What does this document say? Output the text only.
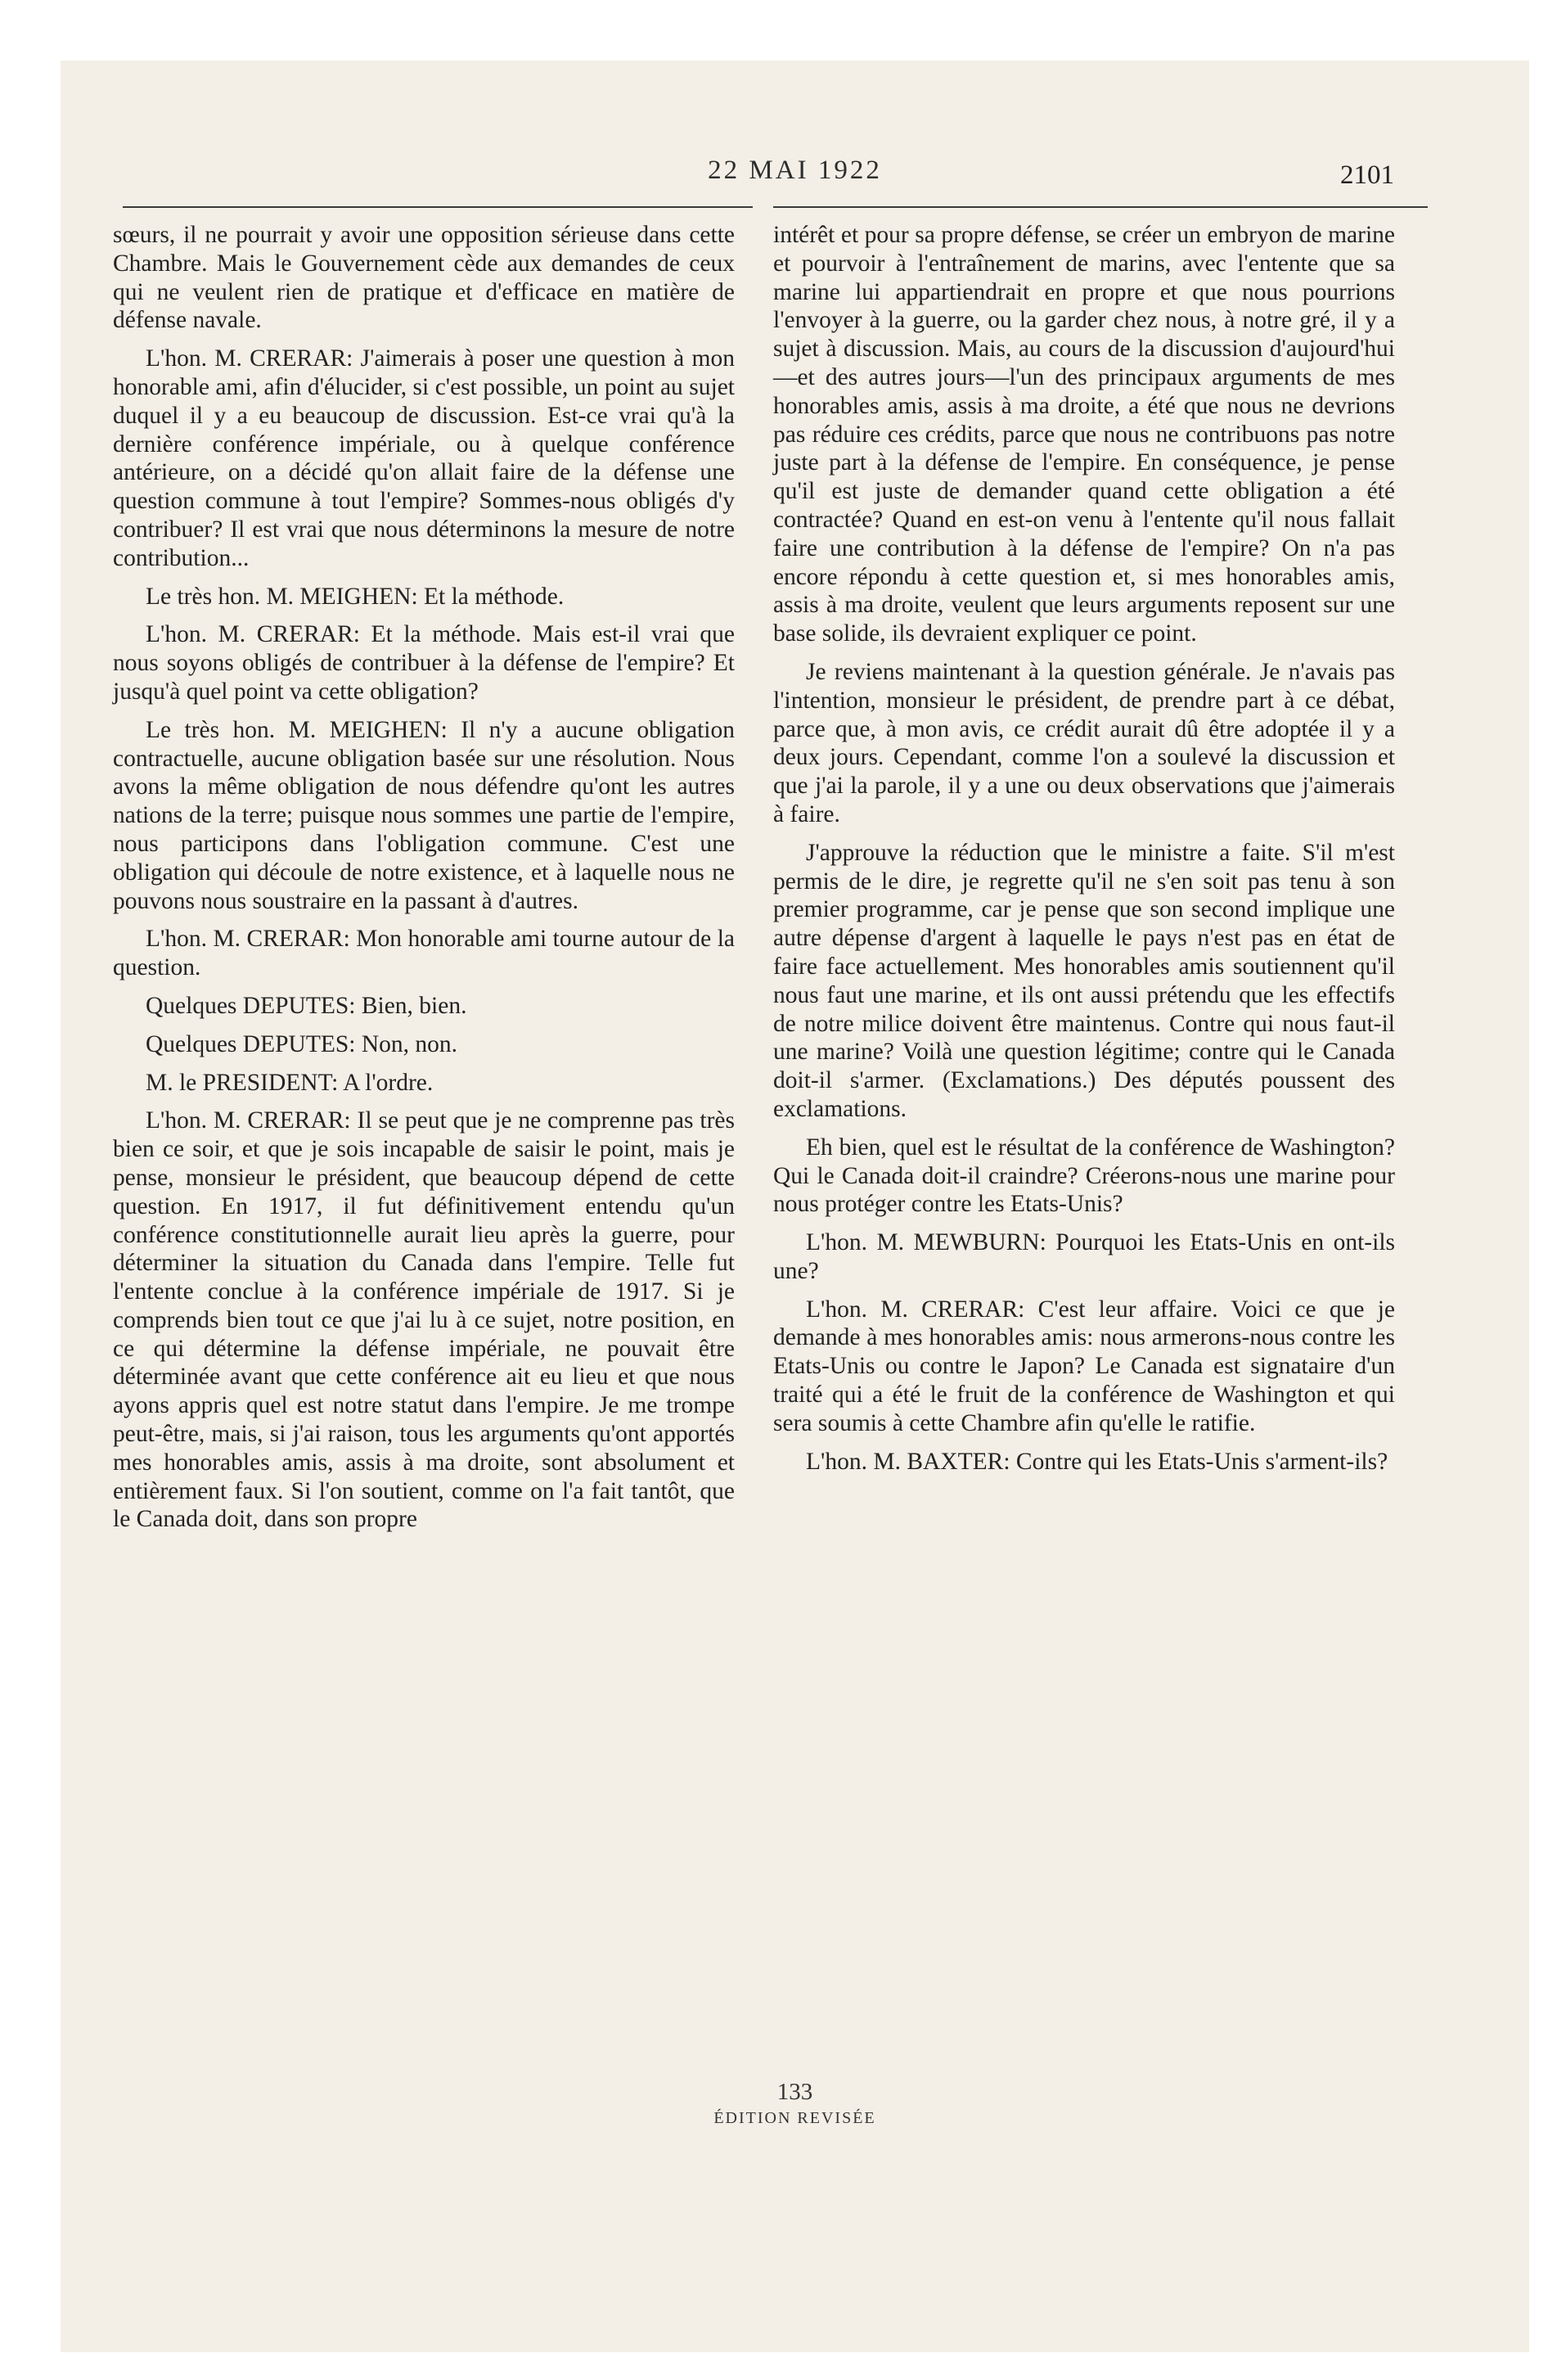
22 MAI 1922	2101

sœurs, il ne pourrait y avoir une opposition sérieuse dans cette Chambre. Mais le Gouvernement cède aux demandes de ceux qui ne veulent rien de pratique et d'efficace en matière de défense navale.

L'hon. M. CRERAR: J'aimerais à poser une question à mon honorable ami, afin d'élucider, si c'est possible, un point au sujet duquel il y a eu beaucoup de discussion. Est-ce vrai qu'à la dernière conférence impériale, ou à quelque conférence antérieure, on a décidé qu'on allait faire de la défense une question commune à tout l'empire? Sommes-nous obligés d'y contribuer? Il est vrai que nous déterminons la mesure de notre contribution...

Le très hon. M. MEIGHEN: Et la méthode.

L'hon. M. CRERAR: Et la méthode. Mais est-il vrai que nous soyons obligés de contribuer à la défense de l'empire? Et jusqu'à quel point va cette obligation?

Le très hon. M. MEIGHEN: Il n'y a aucune obligation contractuelle, aucune obligation basée sur une résolution. Nous avons la même obligation de nous défendre qu'ont les autres nations de la terre; puisque nous sommes une partie de l'empire, nous participons dans l'obligation commune. C'est une obligation qui découle de notre existence, et à laquelle nous ne pouvons nous soustraire en la passant à d'autres.

L'hon. M. CRERAR: Mon honorable ami tourne autour de la question.

Quelques DEPUTES: Bien, bien.

Quelques DEPUTES: Non, non.

M. le PRESIDENT: A l'ordre.

L'hon. M. CRERAR: Il se peut que je ne comprenne pas très bien ce soir, et que je sois incapable de saisir le point, mais je pense, monsieur le président, que beaucoup dépend de cette question. En 1917, il fut définitivement entendu qu'un conférence constitutionnelle aurait lieu après la guerre, pour déterminer la situation du Canada dans l'empire. Telle fut l'entente conclue à la conférence impériale de 1917. Si je comprends bien tout ce que j'ai lu à ce sujet, notre position, en ce qui détermine la défense impériale, ne pouvait être déterminée avant que cette conférence ait eu lieu et que nous ayons appris quel est notre statut dans l'empire. Je me trompe peut-être, mais, si j'ai raison, tous les arguments qu'ont apportés mes honorables amis, assis à ma droite, sont absolument et entièrement faux. Si l'on soutient, comme on l'a fait tantôt, que le Canada doit, dans son propre

intérêt et pour sa propre défense, se créer un embryon de marine et pourvoir à l'entraînement de marins, avec l'entente que sa marine lui appartiendrait en propre et que nous pourrions l'envoyer à la guerre, ou la garder chez nous, à notre gré, il y a sujet à discussion. Mais, au cours de la discussion d'aujourd'hui—et des autres jours—l'un des principaux arguments de mes honorables amis, assis à ma droite, a été que nous ne devrions pas réduire ces crédits, parce que nous ne contribuons pas notre juste part à la défense de l'empire. En conséquence, je pense qu'il est juste de demander quand cette obligation a été contractée? Quand en est-on venu à l'entente qu'il nous fallait faire une contribution à la défense de l'empire? On n'a pas encore répondu à cette question et, si mes honorables amis, assis à ma droite, veulent que leurs arguments reposent sur une base solide, ils devraient expliquer ce point.

Je reviens maintenant à la question générale. Je n'avais pas l'intention, monsieur le président, de prendre part à ce débat, parce que, à mon avis, ce crédit aurait dû être adoptée il y a deux jours. Cependant, comme l'on a soulevé la discussion et que j'ai la parole, il y a une ou deux observations que j'aimerais à faire.

J'approuve la réduction que le ministre a faite. S'il m'est permis de le dire, je regrette qu'il ne s'en soit pas tenu à son premier programme, car je pense que son second implique une autre dépense d'argent à laquelle le pays n'est pas en état de faire face actuellement. Mes honorables amis soutiennent qu'il nous faut une marine, et ils ont aussi prétendu que les effectifs de notre milice doivent être maintenus. Contre qui nous faut-il une marine? Voilà une question légitime; contre qui le Canada doit-il s'armer. (Exclamations.) Des députés poussent des exclamations.

Eh bien, quel est le résultat de la conférence de Washington? Qui le Canada doit-il craindre? Créerons-nous une marine pour nous protéger contre les Etats-Unis?

L'hon. M. MEWBURN: Pourquoi les Etats-Unis en ont-ils une?

L'hon. M. CRERAR: C'est leur affaire. Voici ce que je demande à mes honorables amis: nous armerons-nous contre les Etats-Unis ou contre le Japon? Le Canada est signataire d'un traité qui a été le fruit de la conférence de Washington et qui sera soumis à cette Chambre afin qu'elle le ratifie.

L'hon. M. BAXTER: Contre qui les Etats-Unis s'arment-ils?

133
ÉDITION REVISÉE
